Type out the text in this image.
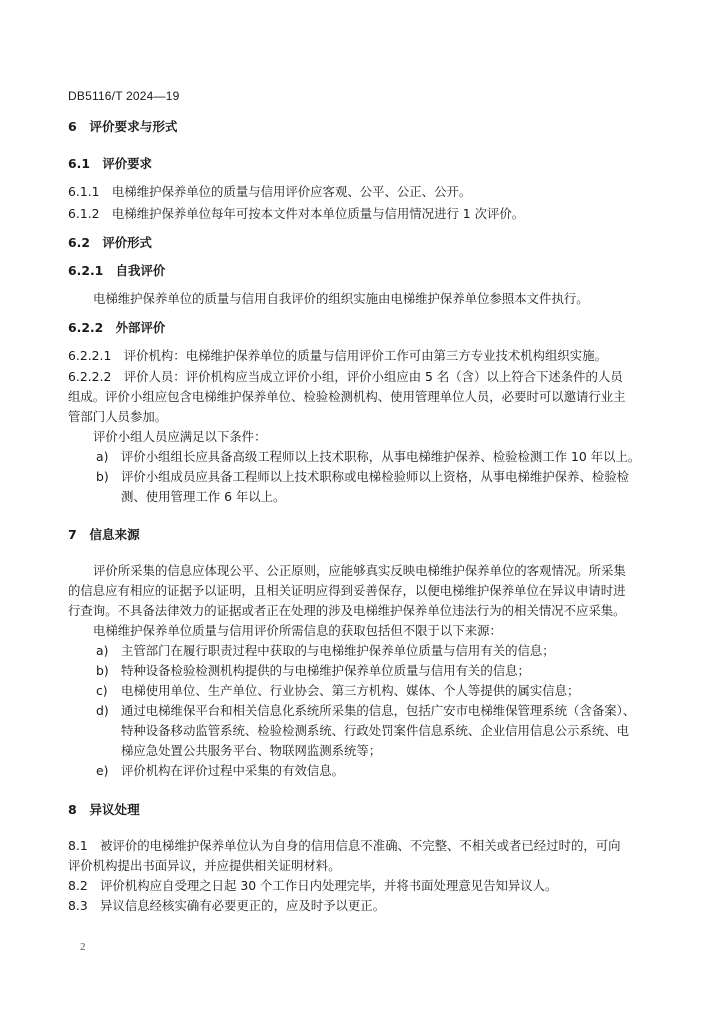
DB5116/T 2024—19
6　评价要求与形式
6.1　评价要求
6.1.1　电梯维护保养单位的质量与信用评价应客观、公平、公正、公开。
6.1.2　电梯维护保养单位每年可按本文件对本单位质量与信用情况进行 1 次评价。
6.2　评价形式
6.2.1　自我评价
电梯维护保养单位的质量与信用自我评价的组织实施由电梯维护保养单位参照本文件执行。
6.2.2　外部评价
6.2.2.1　评价机构：电梯维护保养单位的质量与信用评价工作可由第三方专业技术机构组织实施。
6.2.2.2　评价人员：评价机构应当成立评价小组，评价小组应由 5 名（含）以上符合下述条件的人员
组成。评价小组应包含电梯维护保养单位、检验检测机构、使用管理单位人员，必要时可以邀请行业主
管部门人员参加。
评价小组人员应满足以下条件：
a) 评价小组组长应具备高级工程师以上技术职称，从事电梯维护保养、检验检测工作 10 年以上。
b) 评价小组成员应具备工程师以上技术职称或电梯检验师以上资格，从事电梯维护保养、检验检
测、使用管理工作 6 年以上。
7　信息来源
评价所采集的信息应体现公平、公正原则，应能够真实反映电梯维护保养单位的客观情况。所采集
的信息应有相应的证据予以证明，且相关证明应得到妥善保存，以便电梯维护保养单位在异议申请时进
行查询。不具备法律效力的证据或者正在处理的涉及电梯维护保养单位违法行为的相关情况不应采集。
电梯维护保养单位质量与信用评价所需信息的获取包括但不限于以下来源：
a) 主管部门在履行职责过程中获取的与电梯维护保养单位质量与信用有关的信息；
b) 特种设备检验检测机构提供的与电梯维护保养单位质量与信用有关的信息；
c) 电梯使用单位、生产单位、行业协会、第三方机构、媒体、个人等提供的属实信息；
d) 通过电梯维保平台和相关信息化系统所采集的信息，包括广安市电梯维保管理系统（含备案）、
特种设备移动监管系统、检验检测系统、行政处罚案件信息系统、企业信用信息公示系统、电
梯应急处置公共服务平台、物联网监测系统等；
e) 评价机构在评价过程中采集的有效信息。
8　异议处理
8.1　被评价的电梯维护保养单位认为自身的信用信息不准确、不完整、不相关或者已经过时的，可向
评价机构提出书面异议，并应提供相关证明材料。
8.2　评价机构应自受理之日起 30 个工作日内处理完毕，并将书面处理意见告知异议人。
8.3　异议信息经核实确有必要更正的，应及时予以更正。
2
